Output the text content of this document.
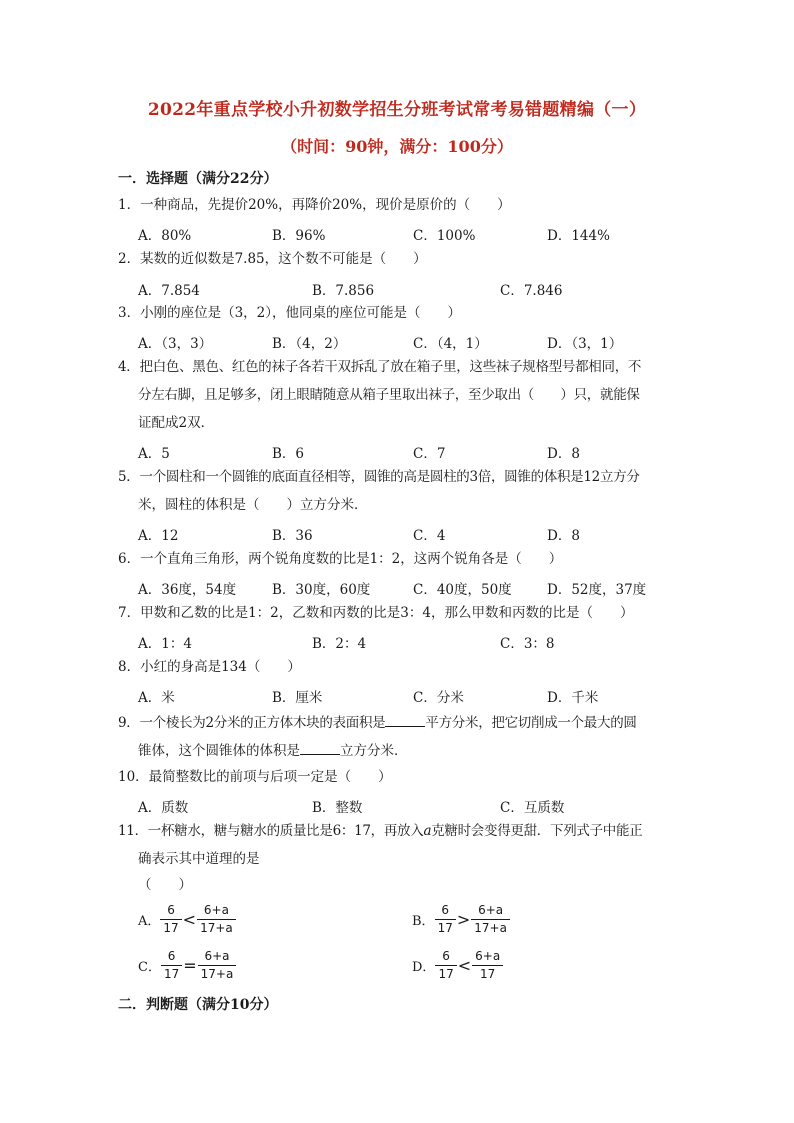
2022年重点学校小升初数学招生分班考试常考易错题精编（一）
（时间：90钟，满分：100分）
一．选择题（满分22分）
1．一种商品，先提价20%，再降价20%，现价是原价的（　　）
A．80%	B．96%	C．100%	D．144%
2．某数的近似数是7.85，这个数不可能是（　　）
A．7.854	B．7.856	C．7.846
3．小刚的座位是（3，2），他同桌的座位可能是（　　）
A．（3，3）	B．（4，2）	C．（4，1）	D．（3，1）
4．把白色、黑色、红色的袜子各若干双拆乱了放在箱子里，这些袜子规格型号都相同，不
分左右脚，且足够多，闭上眼睛随意从箱子里取出袜子，至少取出（　　）只，就能保
证配成2双．
A．5	B．6	C．7	D．8
5．一个圆柱和一个圆锥的底面直径相等，圆锥的高是圆柱的3倍，圆锥的体积是12立方分
米，圆柱的体积是（　　）立方分米．
A．12	B．36	C．4	D．8
6．一个直角三角形，两个锐角度数的比是1：2，这两个锐角各是（　　）
A．36度，54度	B．30度，60度	C．40度，50度	D．52度，37度
7．甲数和乙数的比是1：2，乙数和丙数的比是3：4，那么甲数和丙数的比是（　　）
A．1：4	B．2：4	C．3：8
8．小红的身高是134（　　）
A．米	B．厘米	C．分米	D．千米
9．一个棱长为2分米的正方体木块的表面积是	平方分米，把它切削成一个最大的圆
锥体，这个圆锥体的体积是	立方分米．
10．最简整数比的前项与后项一定是（　　）
A．质数	B．整数	C．互质数
11．一杯糖水，糖与糖水的质量比是6：17，再放入a克糖时会变得更甜．下列式子中能正
确表示其中道理的是
（　　）
A． $\frac{6}{17} < \frac{6+a}{17+a}$	B． $\frac{6}{17} > \frac{6+a}{17+a}$
C． $\frac{6}{17} = \frac{6+a}{17+a}$	D． $\frac{6}{17} < \frac{6+a}{17}$
二．判断题（满分10分）
